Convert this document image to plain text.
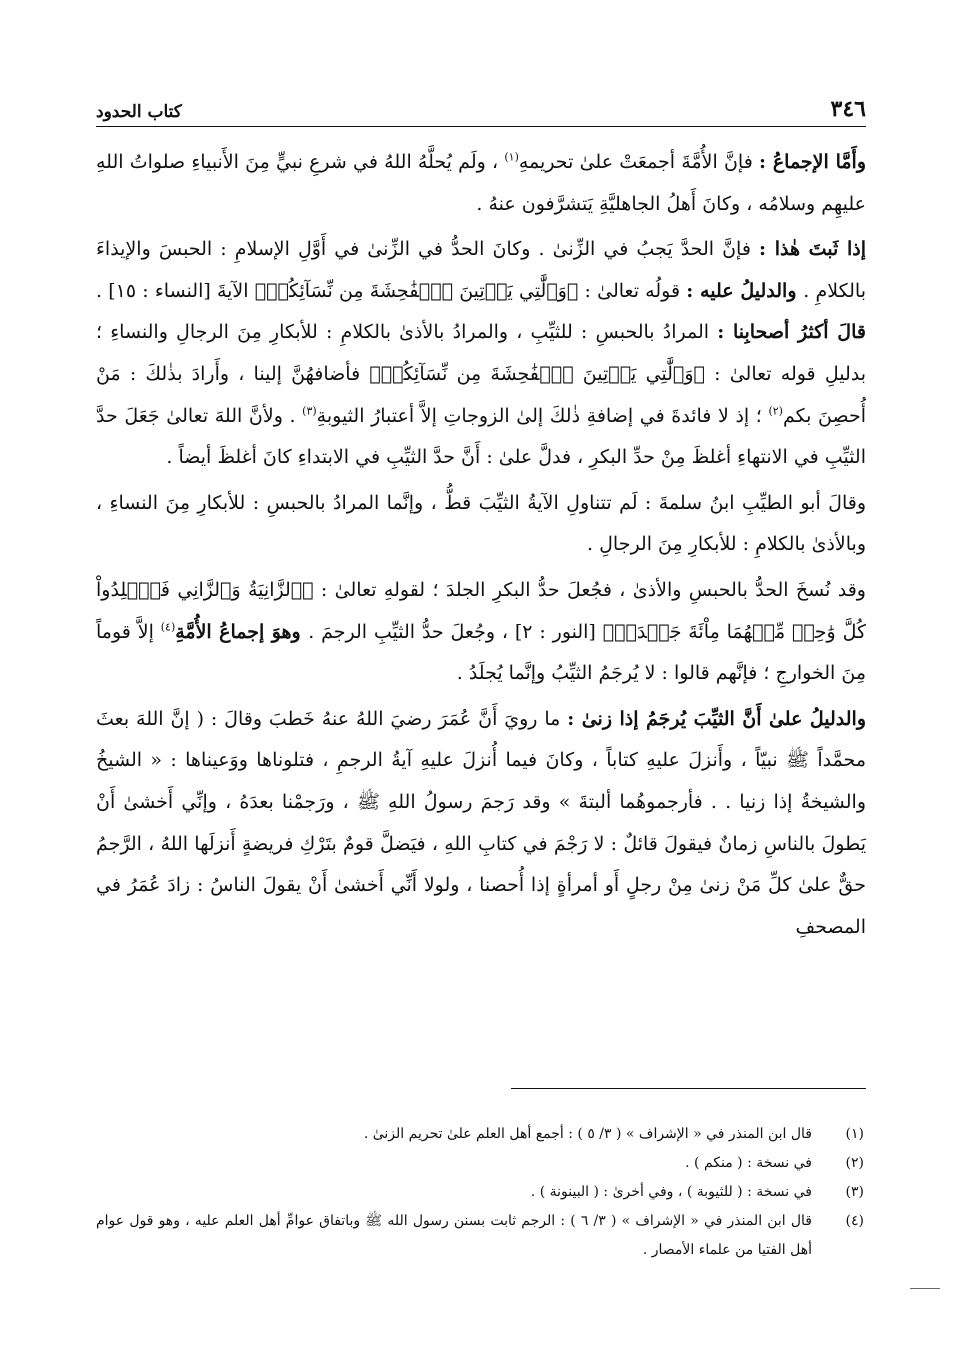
٣٤٦
كتاب الحدود

وأَمَّا الإجماعُ : فإنَّ الأُمَّةَ أجمعَتْ علىٰ تحريمهِ$^{(١)}$ ، ولَم يُحلَّهُ اللهُ في شرعِ نبيٍّ مِنَ الأَنبياءِ صلواتُ اللهِ عليهِم وسلامُه ، وكانَ أَهلُ الجاهليَّةِ يَتشرَّفون عنهُ .

إذا ثَبتَ هٰذا : فإنَّ الحدَّ يَجبُ في الزِّنىٰ . وكانَ الحدُّ في الزِّنىٰ في أَوَّلِ الإسلامِ : الحبسَ والإيذاءَ بالكلامِ . والدليلُ عليه : قولُه تعالىٰ : ﴿وَٱلَّٰتِي يَأۡتِينَ ٱلۡفَٰحِشَةَ مِن نِّسَآئِكُمۡ﴾ الآيةَ [النساء : ١٥] . قالَ أكثرُ أصحابِنا : المرادُ بالحبسِ : للثيِّبِ ، والمرادُ بالأذىٰ بالكلامِ : للأبكارِ مِنَ الرجالِ والنساءِ ؛ بدليلِ قوله تعالىٰ : ﴿وَٱلَّٰتِي يَأۡتِينَ ٱلۡفَٰحِشَةَ مِن نِّسَآئِكُمۡ﴾ فأضافهُنَّ إلينا ، وأَرادَ بذٰلكَ : مَنْ أُحصِنَ بكم$^{(٢)}$ ؛ إذ لا فائدةَ في إضافةِ ذٰلكَ إلىٰ الزوجاتِ إلاَّ أعتبارُ الثيوبةِ$^{(٣)}$ . ولأنَّ اللهَ تعالىٰ جَعَلَ حدَّ الثيِّبِ في الانتهاءِ أغلظَ مِنْ حدِّ البكرِ ، فدلَّ علىٰ : أَنَّ حدَّ الثيِّبِ في الابتداءِ كانَ أغلظَ أيضاً .

وقالَ أبو الطيِّبِ ابنُ سلمةَ : لَم تتناولِ الآيةُ الثيِّبَ قطُّ ، وإنَّما المرادُ بالحبسِ : للأبكارِ مِنَ النساءِ ، وبالأذىٰ بالكلامِ : للأبكارِ مِنَ الرجالِ .

وقد نُسخَ الحدُّ بالحبسِ والأذىٰ ، فجُعلَ حدُّ البكرِ الجلدَ ؛ لقولهِ تعالىٰ : ﴿ٱلزَّانِيَةُ وَٱلزَّانِي فَٱجۡلِدُواْ كُلَّ وَٰحِدٖ مِّنۡهُمَا مِاْئَةَ جَلۡدَةٖ﴾ [النور : ٢] ، وجُعلَ حدُّ الثيِّبِ الرجمَ . وهوَ إجماعُ الأُمَّةِ$^{(٤)}$ إلاَّ قوماً مِنَ الخوارجِ ؛ فإنَّهم قالوا : لا يُرجَمُ الثيِّبُ وإنَّما يُجلَدُ .

والدليلُ علىٰ أَنَّ الثيِّبَ يُرجَمُ إذا زنىٰ : ما رويَ أَنَّ عُمَرَ رضيَ اللهُ عنهُ خَطبَ وقالَ : ( إنَّ اللهَ بعثَ محمَّداً ﷺ نبيّاً ، وأَنزلَ عليهِ كتاباً ، وكانَ فيما أُنزلَ عليهِ آيةُ الرجمِ ، فتلوناها ووَعيناها : « الشيخُ والشيخةُ إذا زنيا . . فأرجموهُما ألبتةَ » وقد رَجمَ رسولُ اللهِ ﷺ ، ورَجمْنا بعدَهُ ، وإنِّي أَخشىٰ أَنْ يَطولَ بالناسِ زمانٌ فيقولَ قائلٌ : لا رَجْمَ في كتابِ اللهِ ، فيَضلَّ قومٌ بتَرْكِ فريضةٍ أَنزلَها اللهُ ، الرَّجمُ حقٌّ علىٰ كلِّ مَنْ زنىٰ مِنْ رجلٍ أَو أمرأةٍ إذا أُحصنا ، ولولا أَنِّي أَخشىٰ أَنْ يقولَ الناسُ : زادَ عُمَرُ في المصحفِ

(١)
قال ابن المنذر في « الإشراف » ( ٣/ ٥ ) : أجمع أهل العلم علىٰ تحريم الزنىٰ .
(٢)
في نسخة : ( منكم ) .
(٣)
في نسخة : ( للثيوبة ) ، وفي أخرىٰ : ( البينونة ) .
(٤)
قال ابن المنذر في « الإشراف » ( ٣/ ٦ ) : الرجم ثابت بسنن رسول الله ﷺ وباتفاق عوامِّ أهل العلم عليه ، وهو قول عوام أهل الفتيا من علماء الأمصار .
